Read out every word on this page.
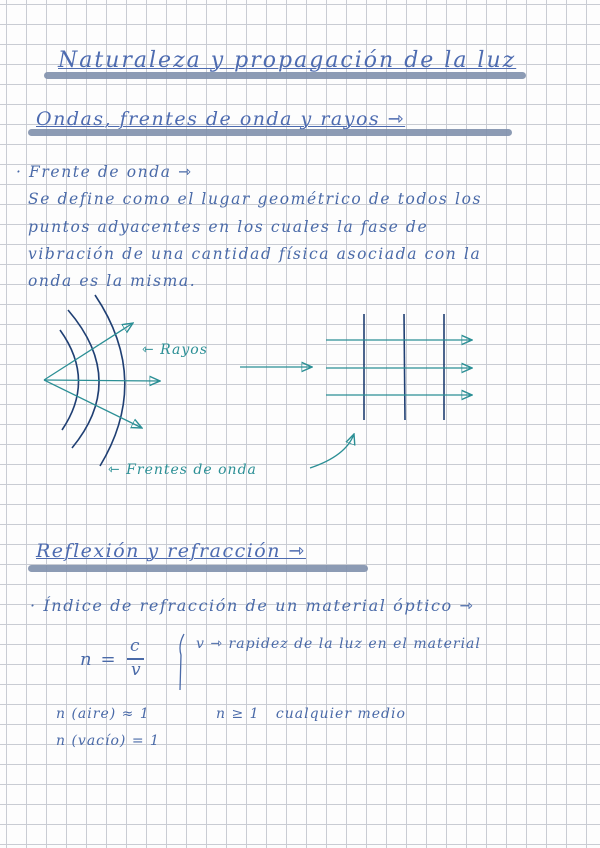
Naturaleza y propagación de la luz
Ondas, frentes de onda y rayos ⇾
· Frente de onda ⇾
Se define como el lugar geométrico de todos los
puntos adyacentes en los cuales la fase de
vibración de una cantidad física asociada con la
onda es la misma.
⇽ Rayos
⇽ Frentes de onda
Reflexión y refracción ⇾
· Índice de refracción de un material óptico ⇾
n =
c
v
v ⇾ rapidez de la luz en el material
n (aire) ≈ 1	n ≥ 1   cualquier medio
n (vacío) = 1
